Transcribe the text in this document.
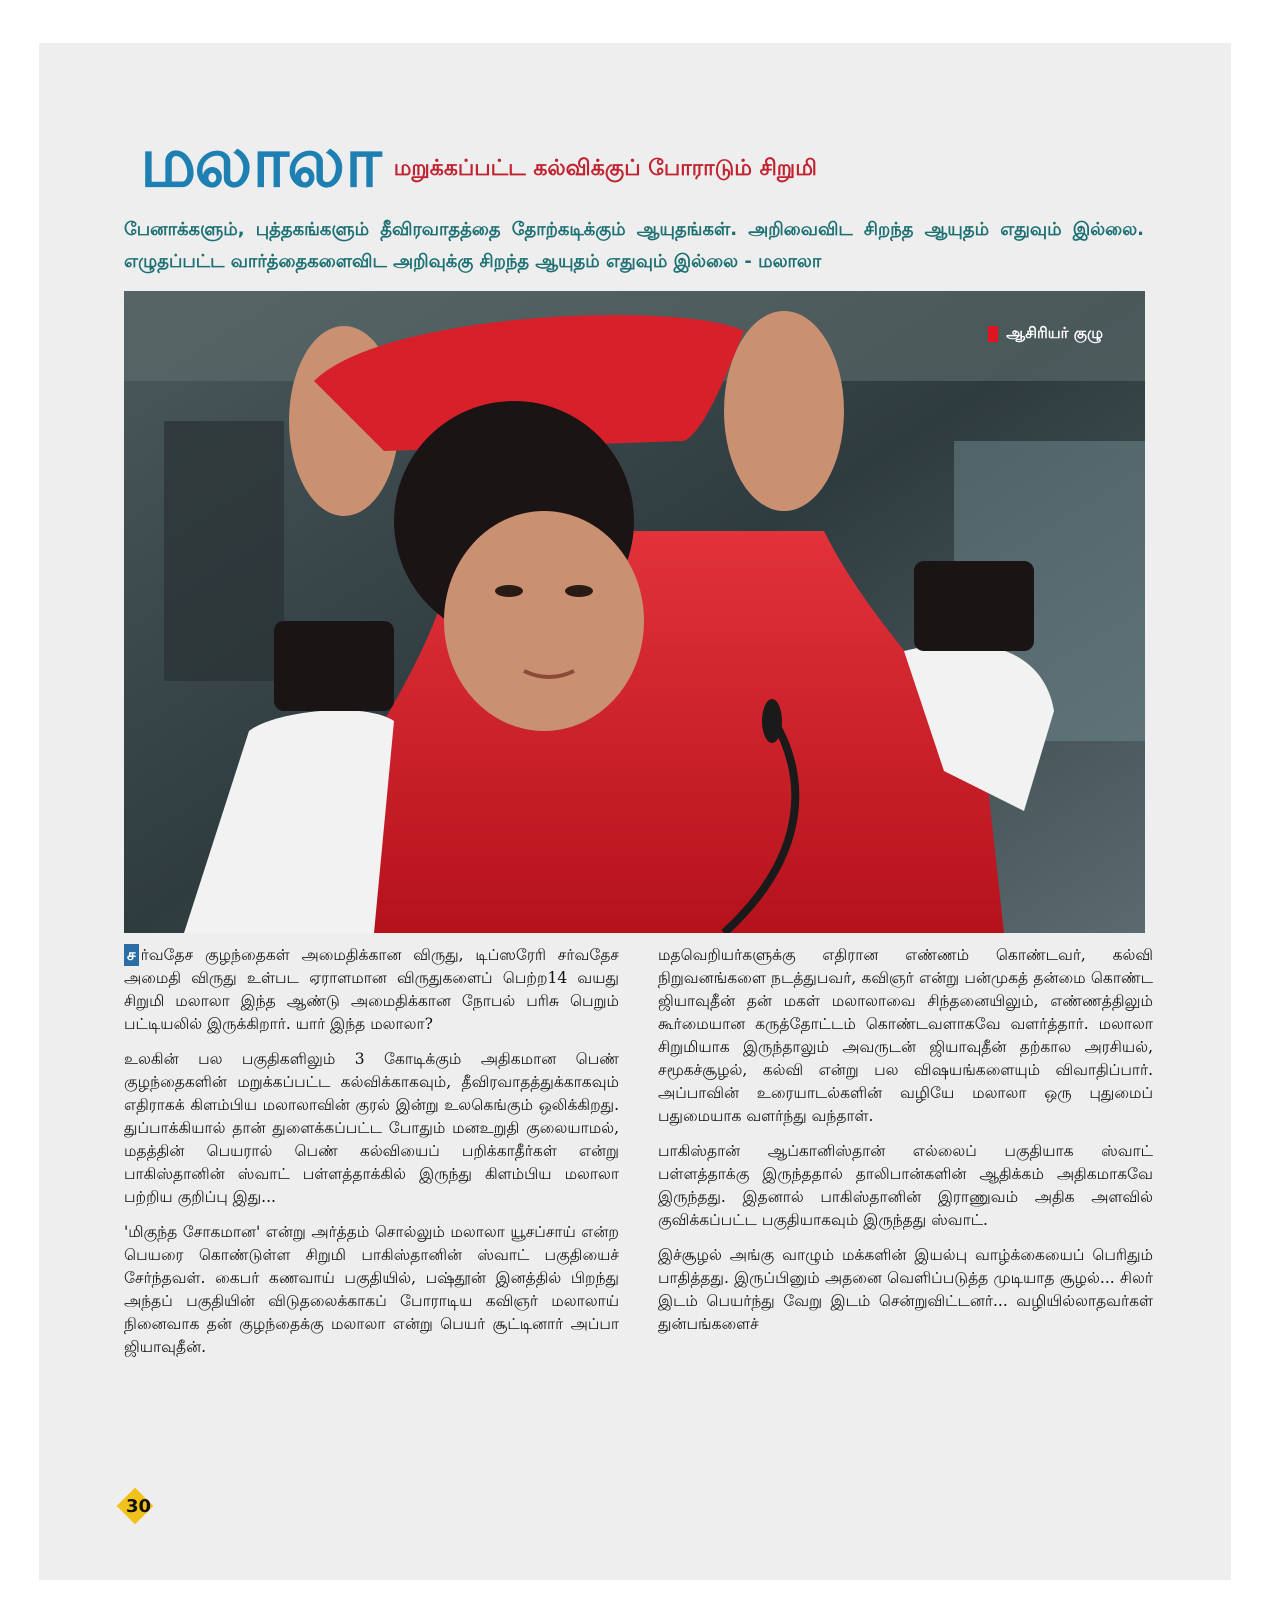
மலாலா மறுக்கப்பட்ட கல்விக்குப் போராடும் சிறுமி
பேனாக்களும், புத்தகங்களும் தீவிரவாதத்தை தோற்கடிக்கும் ஆயுதங்கள். அறிவைவிட சிறந்த ஆயுதம் எதுவும் இல்லை. எழுதப்பட்ட வார்த்தைகளைவிட அறிவுக்கு சிறந்த ஆயுதம் எதுவும் இல்லை - மலாலா
ஆசிரியர் குழு

ச ர்வதேச குழந்தைகள் அமைதிக்கான விருது, டிப்ஸரேரி சர்வதேச அமைதி விருது உள்பட ஏராளமான விருதுகளைப் பெற்ற14 வயது சிறுமி மலாலா இந்த ஆண்டு அமைதிக்கான நோபல் பரிசு பெறும் பட்டியலில் இருக்கிறார். யார் இந்த மலாலா?

உலகின் பல பகுதிகளிலும் 3 கோடிக்கும் அதிகமான பெண் குழந்தைகளின் மறுக்கப்பட்ட கல்விக்காகவும், தீவிரவாதத்துக்காகவும் எதிராகக் கிளம்பிய மலாலாவின் குரல் இன்று உலகெங்கும் ஒலிக்கிறது. துப்பாக்கியால் தான் துளைக்கப்பட்ட போதும் மனஉறுதி குலையாமல், மதத்தின் பெயரால் பெண் கல்வியைப் பறிக்காதீர்கள் என்று பாகிஸ்தானின் ஸ்வாட் பள்ளத்தாக்கில் இருந்து கிளம்பிய மலாலா பற்றிய குறிப்பு இது...

'மிகுந்த சோகமான' என்று அர்த்தம் சொல்லும் மலாலா யூசப்சாய் என்ற பெயரை கொண்டுள்ள சிறுமி பாகிஸ்தானின் ஸ்வாட் பகுதியைச் சேர்ந்தவள். கைபர் கணவாய் பகுதியில், பஷ்தூன் இனத்தில் பிறந்து அந்தப் பகுதியின் விடுதலைக்காகப் போராடிய கவிஞர் மலாலாய் நினைவாக தன் குழந்தைக்கு மலாலா என்று பெயர் சூட்டினார் அப்பா ஜியாவுதீன்.

மதவெறியர்களுக்கு எதிரான எண்ணம் கொண்டவர், கல்வி நிறுவனங்களை நடத்துபவர், கவிஞர் என்று பன்முகத் தன்மை கொண்ட ஜியாவுதீன் தன் மகள் மலாலாவை சிந்தனையிலும், எண்ணத்திலும் கூர்மையான கருத்தோட்டம் கொண்டவளாகவே வளர்த்தார். மலாலா சிறுமியாக இருந்தாலும் அவருடன் ஜியாவுதீன் தற்கால அரசியல், சமூகச்சூழல், கல்வி என்று பல விஷயங்களையும் விவாதிப்பார். அப்பாவின் உரையாடல்களின் வழியே மலாலா ஒரு புதுமைப் பதுமையாக வளர்ந்து வந்தாள்.

பாகிஸ்தான் ஆப்கானிஸ்தான் எல்லைப் பகுதியாக ஸ்வாட் பள்ளத்தாக்கு இருந்ததால் தாலிபான்களின் ஆதிக்கம் அதிகமாகவே இருந்தது. இதனால் பாகிஸ்தானின் இராணுவம் அதிக அளவில் குவிக்கப்பட்ட பகுதியாகவும் இருந்தது ஸ்வாட்.

இச்சூழல் அங்கு வாழும் மக்களின் இயல்பு வாழ்க்கையைப் பெரிதும் பாதித்தது. இருப்பினும் அதனை வெளிப்படுத்த முடியாத சூழல்... சிலர் இடம் பெயர்ந்து வேறு இடம் சென்றுவிட்டனர்... வழியில்லாதவர்கள் துன்பங்களைச்

30
